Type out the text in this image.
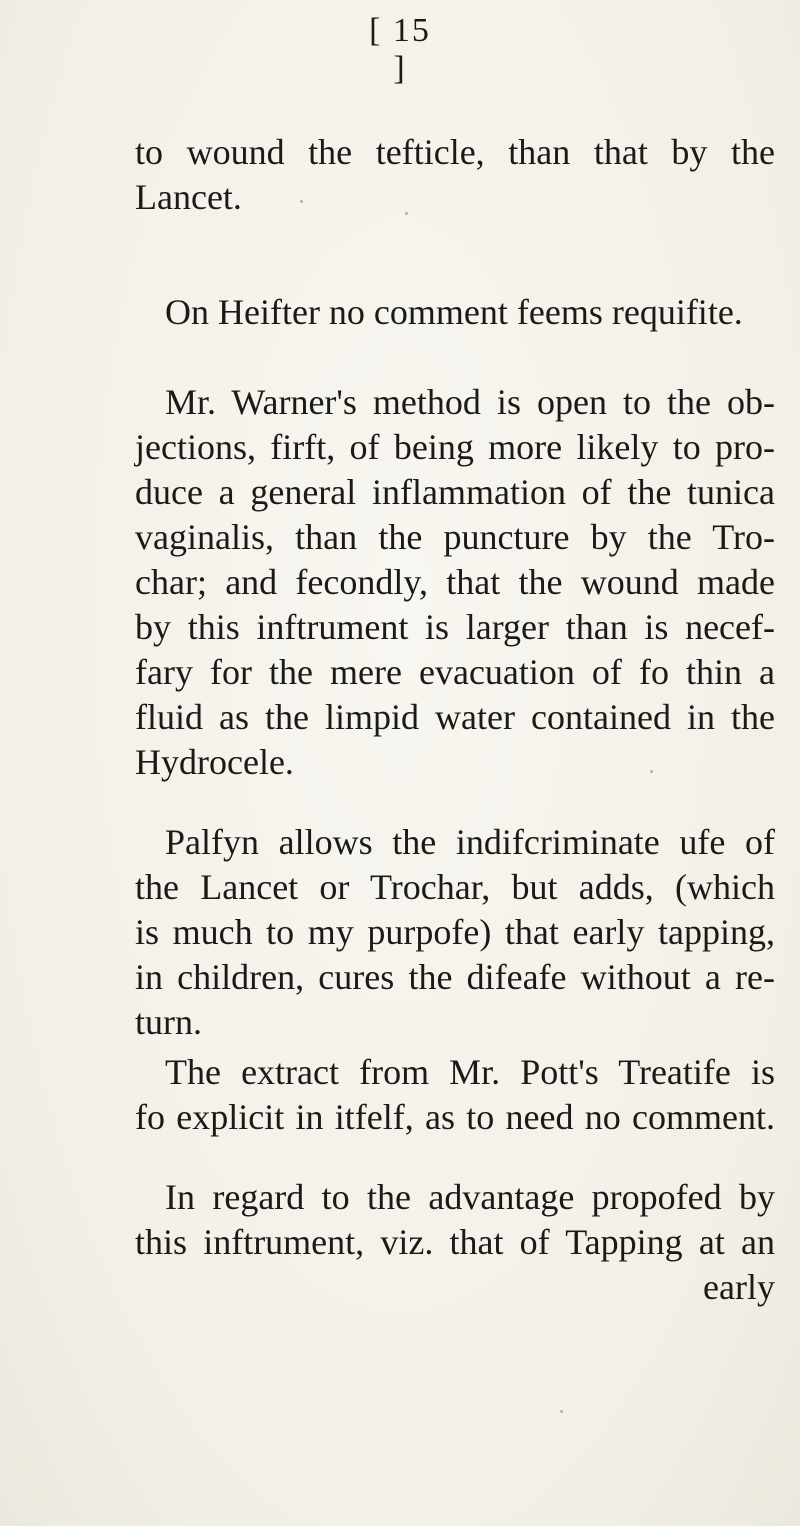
[ 15 ]
to wound the tefticle, than that by the
Lancet.
On Heifter no comment feems requifite.
Mr. Warner's method is open to the ob-
jections, firft, of being more likely to pro-
duce a general inflammation of the tunica
vaginalis, than the puncture by the Tro-
char; and fecondly, that the wound made
by this inftrument is larger than is necef-
fary for the mere evacuation of fo thin a
fluid as the limpid water contained in the
Hydrocele.
Palfyn allows the indifcriminate ufe of
the Lancet or Trochar, but adds, (which
is much to my purpofe) that early tapping,
in children, cures the difeafe without a re-
turn.
The extract from Mr. Pott's Treatife is
fo explicit in itfelf, as to need no comment.
In regard to the advantage propofed by
this inftrument, viz. that of Tapping at an
early
